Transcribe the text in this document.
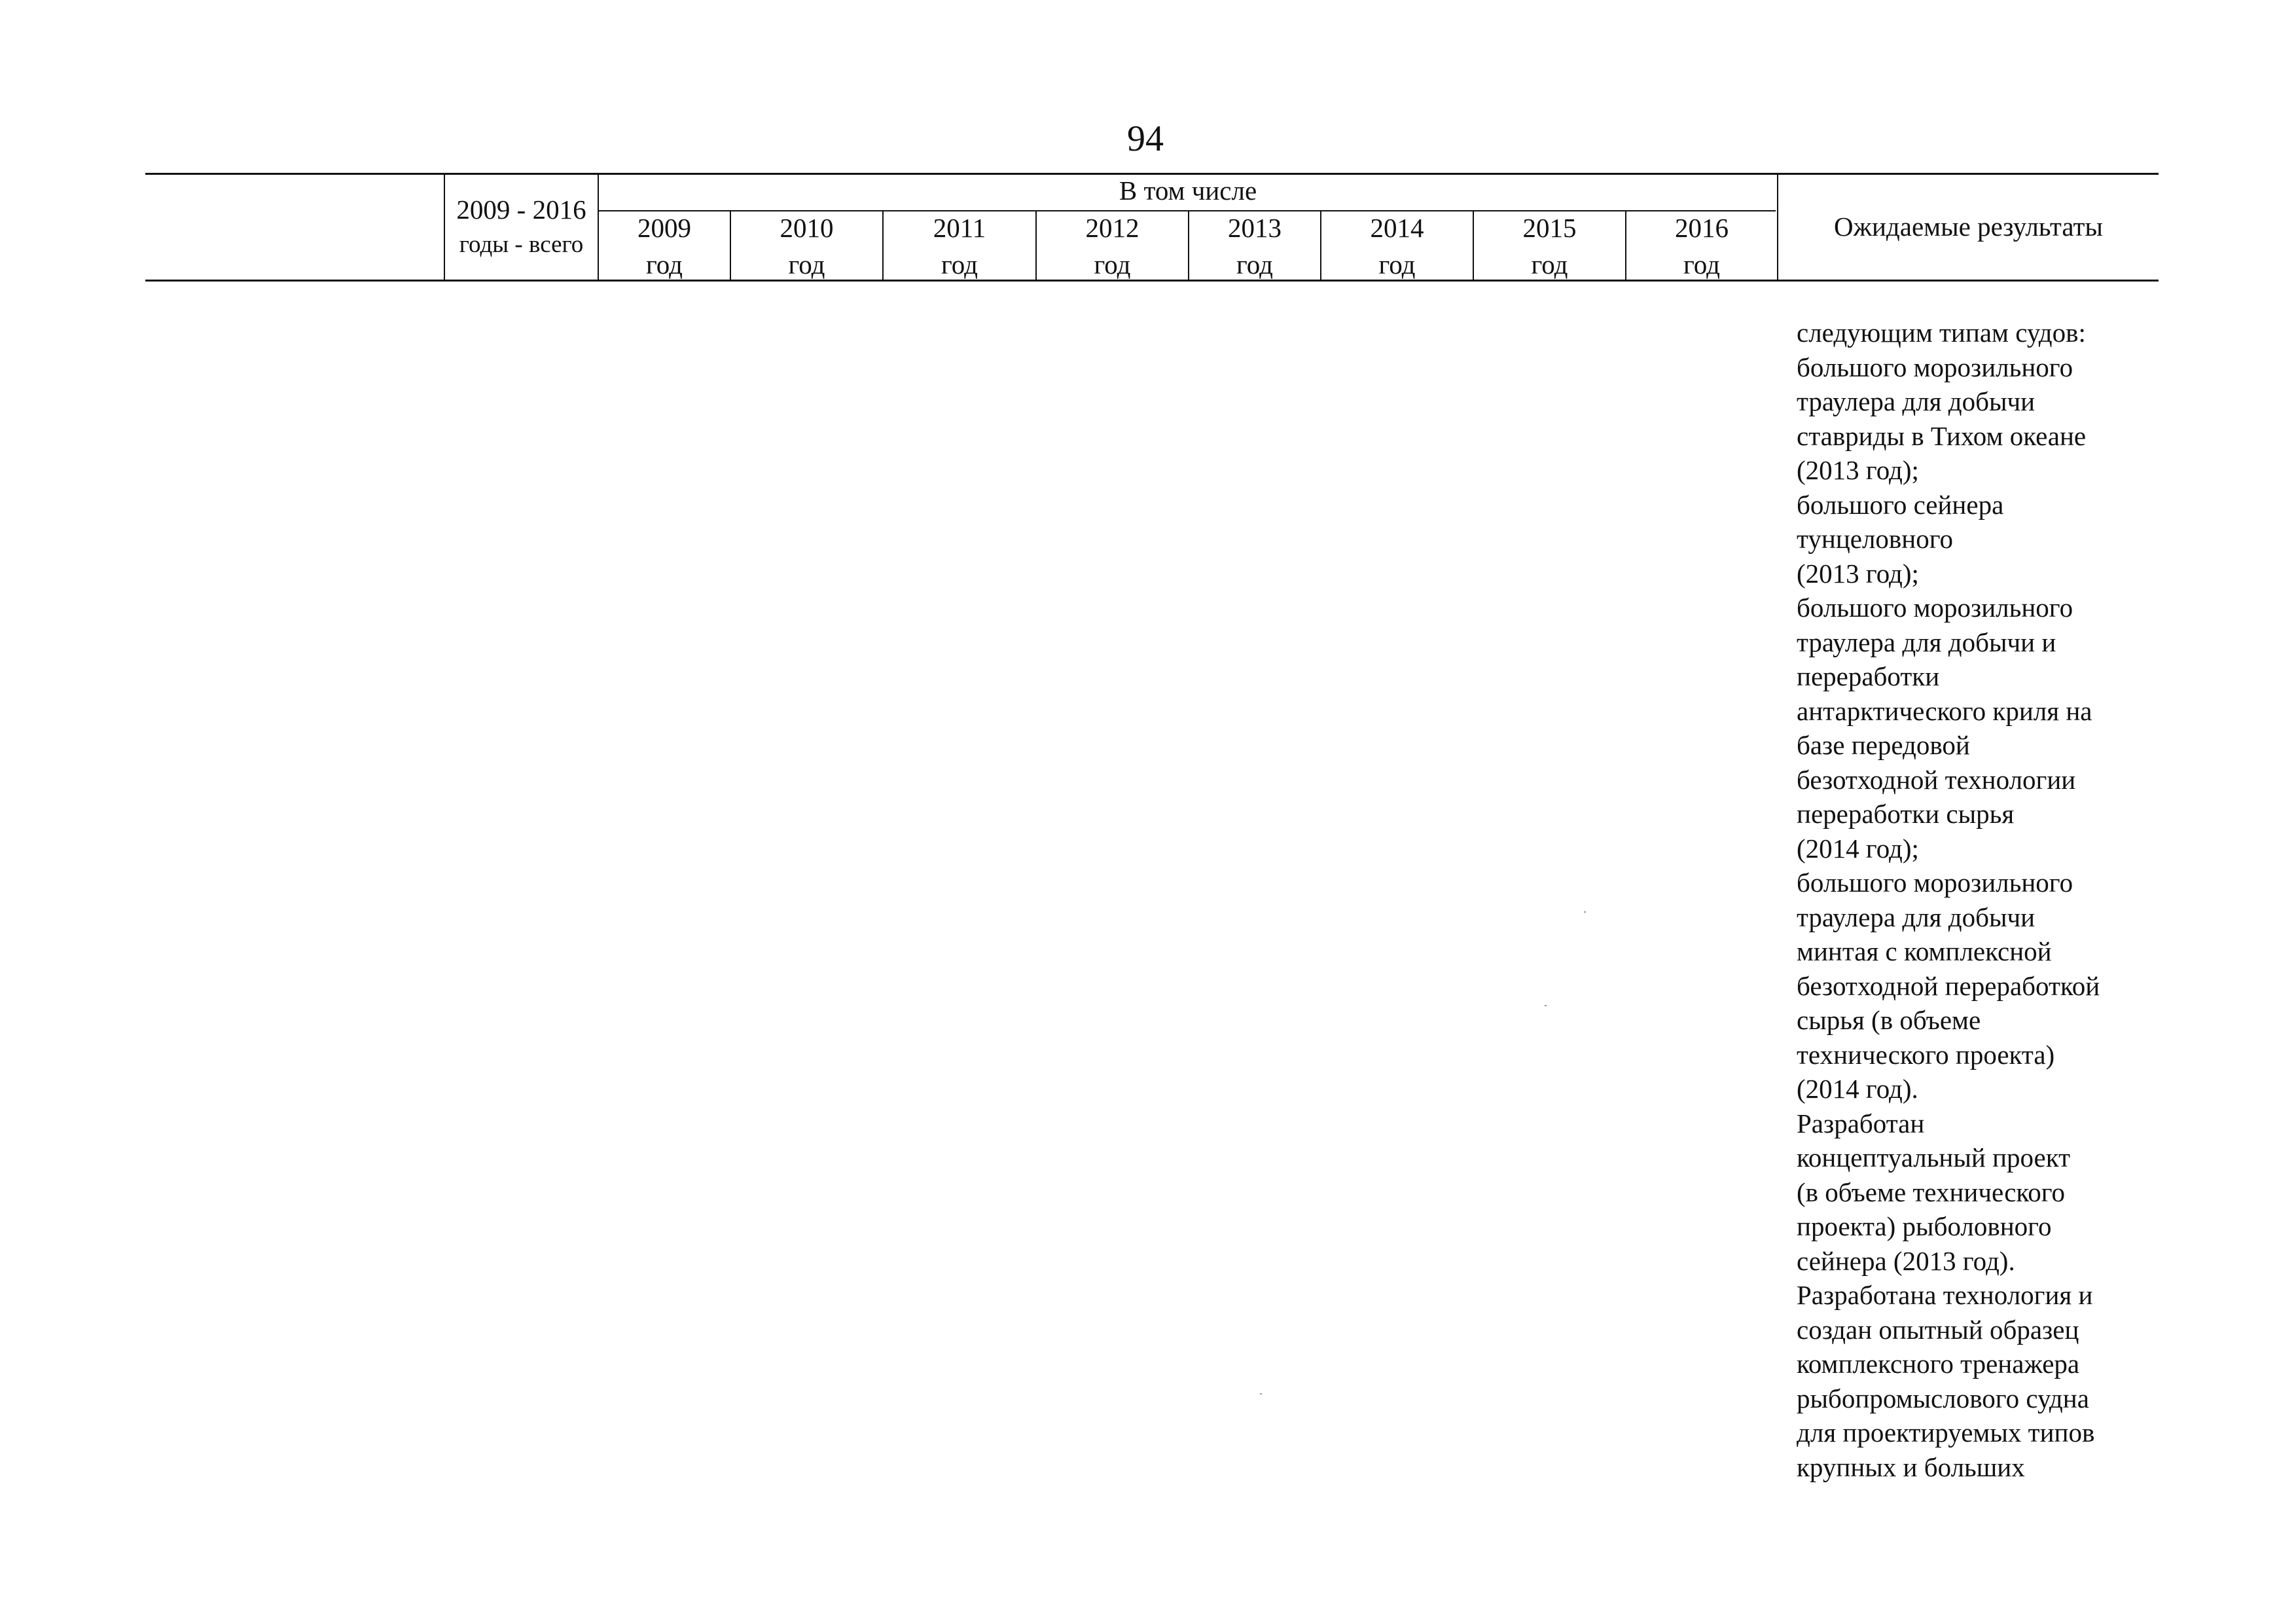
94
2009 - 2016
годы - всего
В том числе
2009
год
2010
год
2011
год
2012
год
2013
год
2014
год
2015
год
2016
год
Ожидаемые результаты
следующим типам судов:
большого морозильного
траулера для добычи
ставриды в Тихом океане
(2013 год);
большого сейнера
тунцеловного
(2013 год);
большого морозильного
траулера для добычи и
переработки
антарктического криля на
базе передовой
безотходной технологии
переработки сырья
(2014 год);
большого морозильного
траулера для добычи
минтая с комплексной
безотходной переработкой
сырья (в объеме
технического проекта)
(2014 год).
Разработан
концептуальный проект
(в объеме технического
проекта) рыболовного
сейнера (2013 год).
Разработана технология и
создан опытный образец
комплексного тренажера
рыбопромыслового судна
для проектируемых типов
крупных и больших
